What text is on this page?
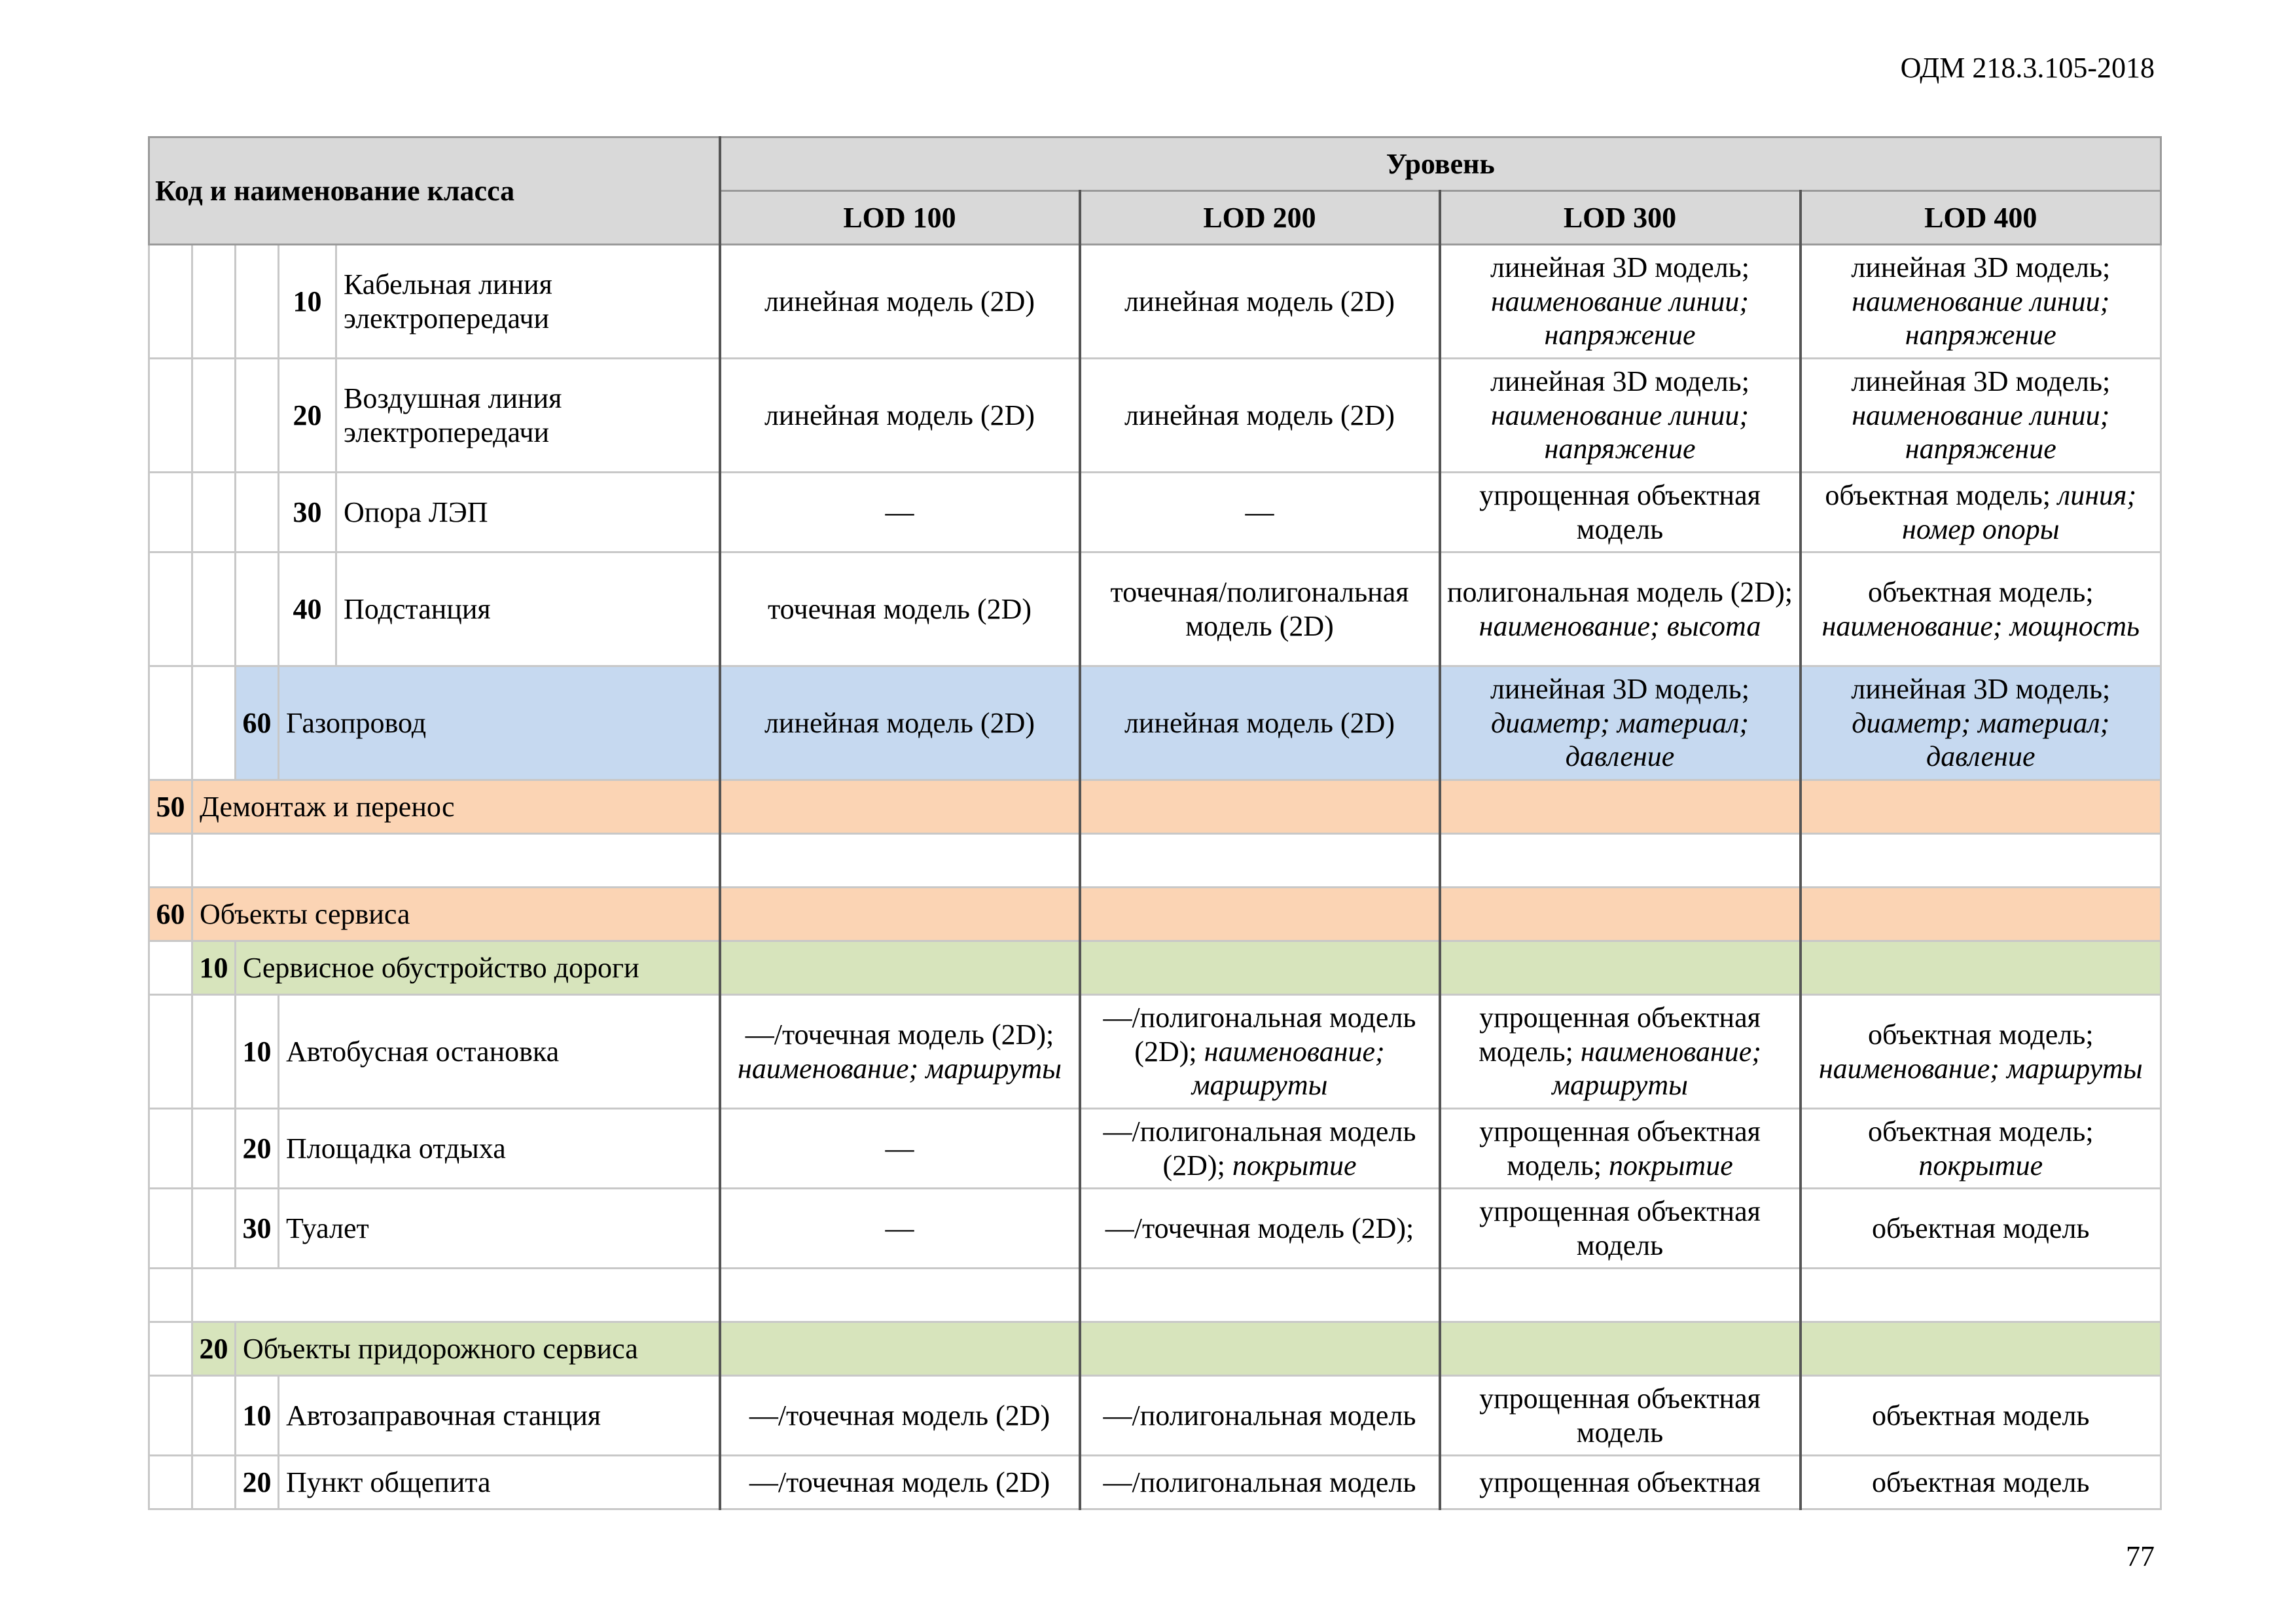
ОДМ 218.3.105-2018
Код и наименование класса					Уровень			
					LOD 100	LOD 200	LOD 300	LOD 400
			10	Кабельная линия электропередачи	линейная модель (2D)	линейная модель (2D)	линейная 3D модель; наименование линии; напряжение	линейная 3D модель; наименование линии; напряжение
			20	Воздушная линия электропередачи	линейная модель (2D)	линейная модель (2D)	линейная 3D модель; наименование линии; напряжение	линейная 3D модель; наименование линии; напряжение
			30	Опора ЛЭП	—	—	упрощенная объектная модель	объектная модель; линия; номер опоры
			40	Подстанция	точечная модель (2D)	точечная/полигональная модель (2D)	полигональная модель (2D); наименование; высота	объектная модель; наименование; мощность
		60	Газопровод		линейная модель (2D)	линейная модель (2D)	линейная 3D модель; диаметр; материал; давление	линейная 3D модель; диаметр; материал; давление
50	Демонтаж и перенос							

60	Объекты сервиса							
	10	Сервисное обустройство дороги						
		10	Автобусная остановка		—/точечная модель (2D); наименование; маршруты	—/полигональная модель (2D); наименование; маршруты	упрощенная объектная модель; наименование; маршруты	объектная модель; наименование; маршруты
		20	Площадка отдыха		—	—/полигональная модель (2D); покрытие	упрощенная объектная модель; покрытие	объектная модель; покрытие
		30	Туалет		—	—/точечная модель (2D);	упрощенная объектная модель	объектная модель

	20	Объекты придорожного сервиса						
		10	Автозаправочная станция		—/точечная модель (2D)	—/полигональная модель	упрощенная объектная модель	объектная модель
		20	Пункт общепита		—/точечная модель (2D)	—/полигональная модель	упрощенная объектная	объектная модель
77
